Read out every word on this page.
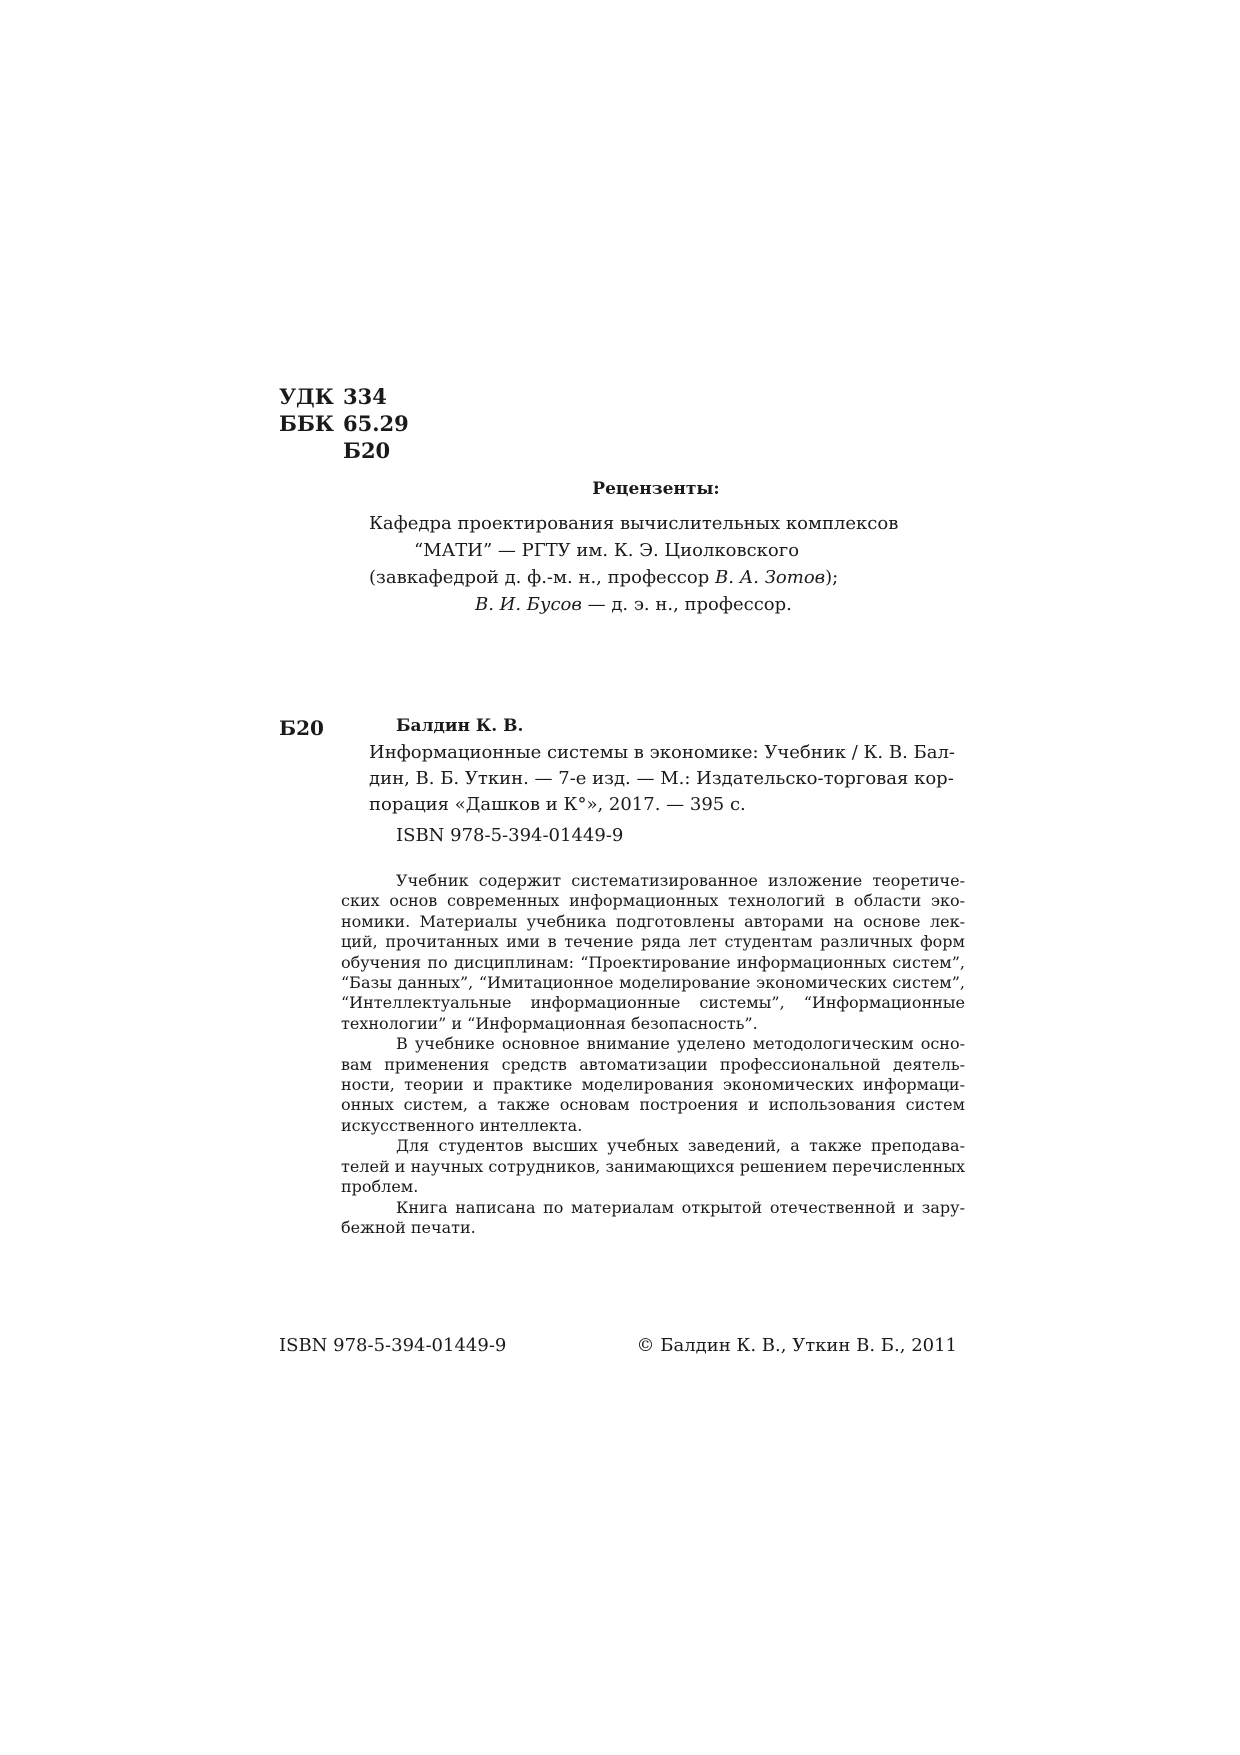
УДК 334
ББК 65.29
Б20
Рецензенты:
Кафедра проектирования вычислительных комплексов
“МАТИ” — РГТУ им. К. Э. Циолковского
(завкафедрой д. ф.-м. н., профессор В. А. Зотов);
В. И. Бусов — д. э. н., профессор.
Б20	Балдин К. В.
Информационные системы в экономике: Учебник / К. В. Бал-
дин, В. Б. Уткин. — 7-е изд. — М.: Издательско-торговая кор-
порация «Дашков и К°», 2017. — 395 с.
ISBN 978-5-394-01449-9

Учебник содержит систематизированное изложение теоретических основ современных информационных технологий в области экономики. Материалы учебника подготовлены авторами на основе лекций, прочитанных ими в течение ряда лет студентам различных форм обучения по дисциплинам: “Проектирование информационных систем”, “Базы данных”, “Имитационное моделирование экономических систем”, “Интеллектуальные информационные системы”, “Информационные технологии” и “Информационная безопасность”.

В учебнике основное внимание уделено методологическим основам применения средств автоматизации профессиональной деятельности, теории и практике моделирования экономических информационных систем, а также основам построения и использования систем искусственного интеллекта.

Для студентов высших учебных заведений, а также преподавателей и научных сотрудников, занимающихся решением перечисленных проблем.

Книга написана по материалам открытой отечественной и зарубежной печати.

ISBN 978-5-394-01449-9	© Балдин К. В., Уткин В. Б., 2011
